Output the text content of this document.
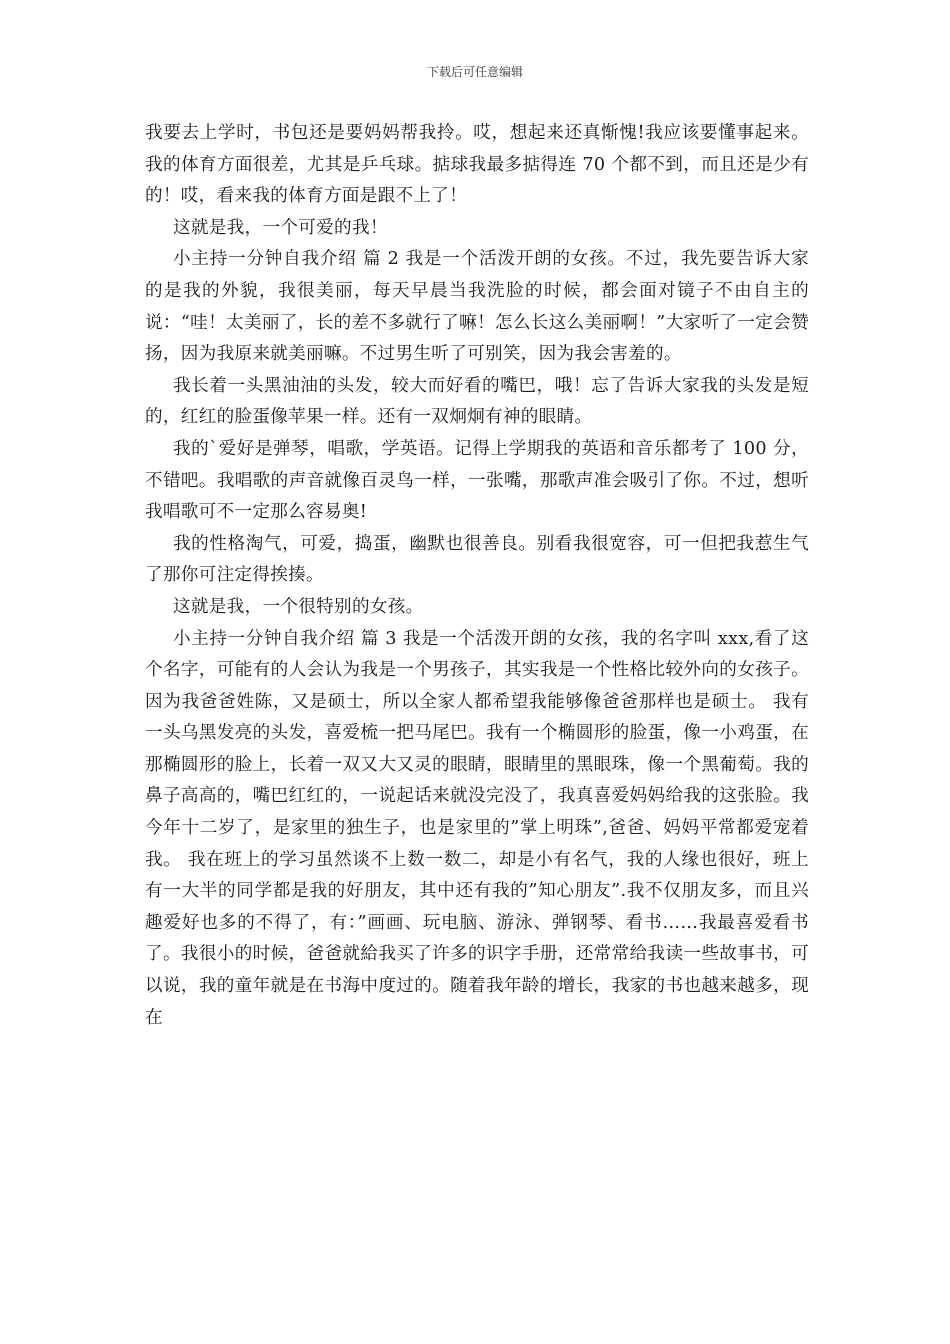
下载后可任意编辑

我要去上学时，书包还是要妈妈帮我拎。哎，想起来还真惭愧!我应该要懂事起来。我的体育方面很差，尤其是乒乓球。掂球我最多掂得连 70 个都不到，而且还是少有的！哎，看来我的体育方面是跟不上了！

这就是我，一个可爱的我！

小主持一分钟自我介绍 篇 2 我是一个活泼开朗的女孩。不过，我先要告诉大家的是我的外貌，我很美丽，每天早晨当我洗脸的时候，都会面对镜子不由自主的说：“哇！太美丽了，长的差不多就行了嘛！怎么长这么美丽啊！”大家听了一定会赞扬，因为我原来就美丽嘛。不过男生听了可别笑，因为我会害羞的。

我长着一头黑油油的头发，较大而好看的嘴巴，哦！忘了告诉大家我的头发是短的，红红的脸蛋像苹果一样。还有一双炯炯有神的眼睛。

我的`爱好是弹琴，唱歌，学英语。记得上学期我的英语和音乐都考了 100 分，不错吧。我唱歌的声音就像百灵鸟一样，一张嘴，那歌声准会吸引了你。不过，想听我唱歌可不一定那么容易奥!

我的性格淘气，可爱，捣蛋，幽默也很善良。别看我很宽容，可一但把我惹生气了那你可注定得挨揍。

这就是我，一个很特别的女孩。

小主持一分钟自我介绍 篇 3 我是一个活泼开朗的女孩，我的名字叫 xxx,看了这个名字，可能有的人会认为我是一个男孩子，其实我是一个性格比较外向的女孩子。因为我爸爸姓陈，又是硕士，所以全家人都希望我能够像爸爸那样也是硕士。 我有一头乌黑发亮的头发，喜爱梳一把马尾巴。我有一个椭圆形的脸蛋，像一小鸡蛋，在那椭圆形的脸上，长着一双又大又灵的眼睛，眼睛里的黑眼珠，像一个黑葡萄。我的鼻子高高的，嘴巴红红的，一说起话来就没完没了，我真喜爱妈妈给我的这张脸。我今年十二岁了，是家里的独生子，也是家里的”掌上明珠”,爸爸、妈妈平常都爱宠着我。 我在班上的学习虽然谈不上数一数二，却是小有名气，我的人缘也很好，班上有一大半的同学都是我的好朋友，其中还有我的”知心朋友”.我不仅朋友多，而且兴趣爱好也多的不得了，有：”画画、玩电脑、游泳、弹钢琴、看书……我最喜爱看书了。我很小的时候，爸爸就給我买了许多的识字手册，还常常给我读一些故事书，可以说，我的童年就是在书海中度过的。随着我年龄的增长，我家的书也越来越多，现在
